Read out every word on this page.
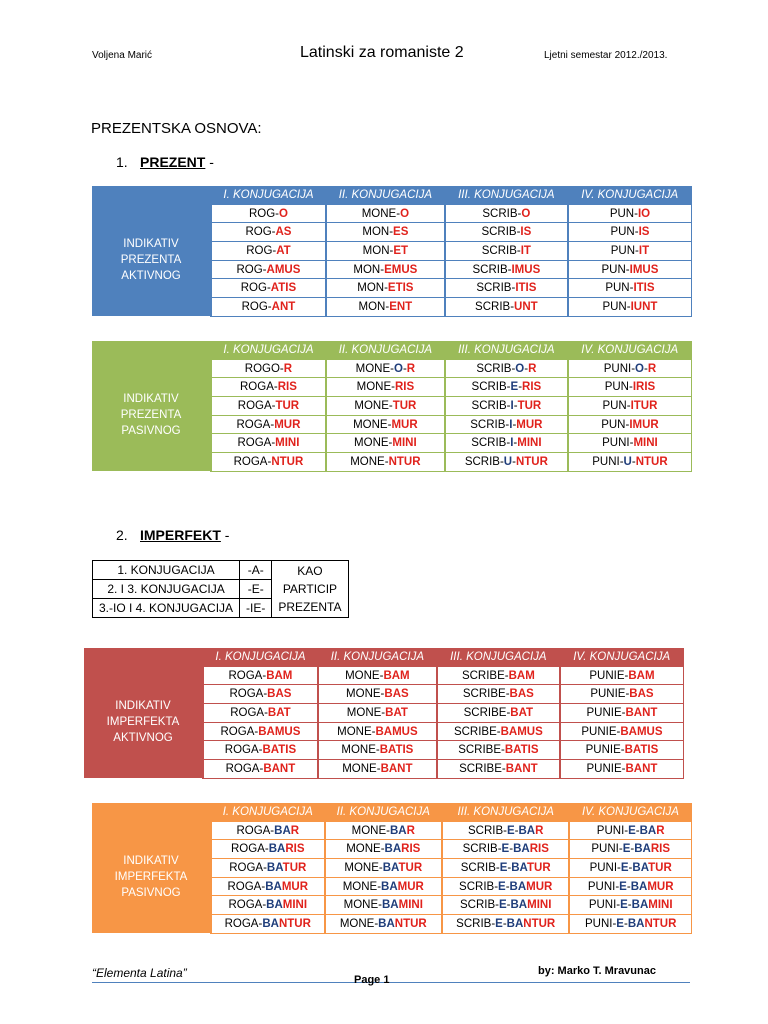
Voljena Marić	Latinski za romaniste 2	Ljetni semestar 2012./2013.
PREZENTSKA OSNOVA:
1. PREZENT -
2. IMPERFEKT -
	I. KONJUGACIJA	II. KONJUGACIJA	III. KONJUGACIJA	IV. KONJUGACIJA

INDIKATIV
PREZENTA
AKTIVNOG	ROG-O	MONE-O	SCRIB-O	PUN-IO
	ROG-AS	MON-ES	SCRIB-IS	PUN-IS
	ROG-AT	MON-ET	SCRIB-IT	PUN-IT
	ROG-AMUS	MON-EMUS	SCRIB-IMUS	PUN-IMUS
	ROG-ATIS	MON-ETIS	SCRIB-ITIS	PUN-ITIS
	ROG-ANT	MON-ENT	SCRIB-UNT	PUN-IUNT
	I. KONJUGACIJA	II. KONJUGACIJA	III. KONJUGACIJA	IV. KONJUGACIJA

INDIKATIV
PREZENTA
PASIVNOG	ROGO-R	MONE-O-R	SCRIB-O-R	PUNI-O-R
	ROGA-RIS	MONE-RIS	SCRIB-E-RIS	PUN-IRIS
	ROGA-TUR	MONE-TUR	SCRIB-I-TUR	PUN-ITUR
	ROGA-MUR	MONE-MUR	SCRIB-I-MUR	PUN-IMUR
	ROGA-MINI	MONE-MINI	SCRIB-I-MINI	PUNI-MINI
	ROGA-NTUR	MONE-NTUR	SCRIB-U-NTUR	PUNI-U-NTUR
	I. KONJUGACIJA	II. KONJUGACIJA	III. KONJUGACIJA	IV. KONJUGACIJA

INDIKATIV
IMPERFEKTA
AKTIVNOG	ROGA-BAM	MONE-BAM	SCRIBE-BAM	PUNIE-BAM
	ROGA-BAS	MONE-BAS	SCRIBE-BAS	PUNIE-BAS
	ROGA-BAT	MONE-BAT	SCRIBE-BAT	PUNIE-BANT
	ROGA-BAMUS	MONE-BAMUS	SCRIBE-BAMUS	PUNIE-BAMUS
	ROGA-BATIS	MONE-BATIS	SCRIBE-BATIS	PUNIE-BATIS
	ROGA-BANT	MONE-BANT	SCRIBE-BANT	PUNIE-BANT
	I. KONJUGACIJA	II. KONJUGACIJA	III. KONJUGACIJA	IV. KONJUGACIJA

INDIKATIV
IMPERFEKTA
PASIVNOG	ROGA-BAR	MONE-BAR	SCRIB-E-BAR	PUNI-E-BAR
	ROGA-BARIS	MONE-BARIS	SCRIB-E-BARIS	PUNI-E-BARIS
	ROGA-BATUR	MONE-BATUR	SCRIB-E-BATUR	PUNI-E-BATUR
	ROGA-BAMUR	MONE-BAMUR	SCRIB-E-BAMUR	PUNI-E-BAMUR
	ROGA-BAMINI	MONE-BAMINI	SCRIB-E-BAMINI	PUNI-E-BAMINI
	ROGA-BANTUR	MONE-BANTUR	SCRIB-E-BANTUR	PUNI-E-BANTUR
1. KONJUGACIJA	-A-	KAO
PARTICIP
PREZENTA

2. I 3. KONJUGACIJA	-E-	
3.-IO I 4. KONJUGACIJA	-IE-	
“Elementa Latina”	by: Marko T. Mravunac
Page 1
